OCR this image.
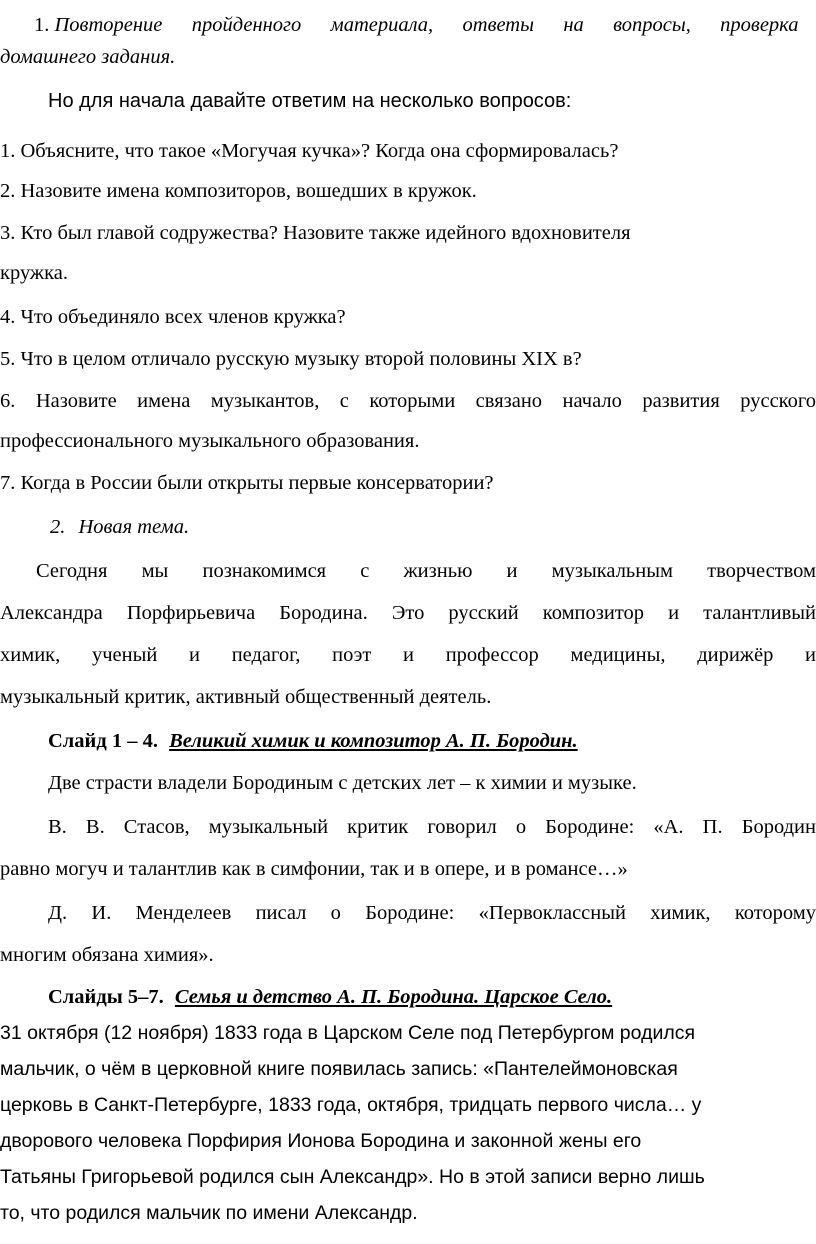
1. Повторение пройденного материала, ответы на вопросы, проверка
домашнего задания.
Но для начала давайте ответим на несколько вопросов:
1. Объясните, что такое «Могучая кучка»? Когда она сформировалась?
2. Назовите имена композиторов, вошедших в кружок.
3. Кто был главой содружества? Назовите также идейного вдохновителя
кружка.
4. Что объединяло всех членов кружка?
5. Что в целом отличало русскую музыку второй половины XIX в?
6. Назовите имена музыкантов, с которыми связано начало развития русского
профессионального музыкального образования.
7. Когда в России были открыты первые консерватории?
2. Новая тема.
Сегодня мы познакомимся с жизнью и музыкальным творчеством
Александра Порфирьевича Бородина. Это русский композитор и талантливый
химик, ученый и педагог, поэт и профессор медицины, дирижёр и
музыкальный критик, активный общественный деятель.
Слайд 1 – 4. Великий химик и композитор А. П. Бородин.
Две страсти владели Бородиным с детских лет – к химии и музыке.
В. В. Стасов, музыкальный критик говорил о Бородине: «А. П. Бородин
равно могуч и талантлив как в симфонии, так и в опере, и в романсе…»
Д. И. Менделеев писал о Бородине: «Первоклассный химик, которому
многим обязана химия».
Слайды 5–7. Семья и детство А. П. Бородина. Царское Село.
31 октября (12 ноября) 1833 года в Царском Селе под Петербургом родился
мальчик, о чём в церковной книге появилась запись: «Пантелеймоновская
церковь в Санкт-Петербурге, 1833 года, октября, тридцать первого числа… у
дворового человека Порфирия Ионова Бородина и законной жены его
Татьяны Григорьевой родился сын Александр». Но в этой записи верно лишь
то, что родился мальчик по имени Александр.
